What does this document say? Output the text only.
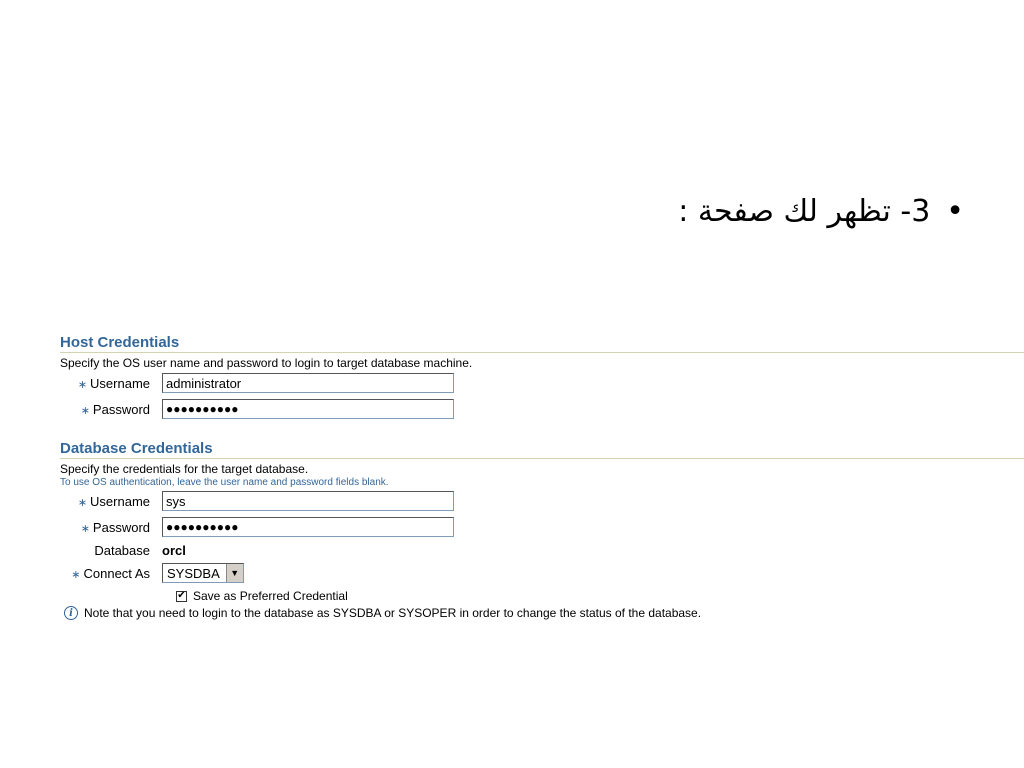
•3- تظهر لك صفحة :
Host Credentials
Specify the OS user name and password to login to target database machine.
∗ Username	administrator
∗ Password	●●●●●●●●●●
Database Credentials
Specify the credentials for the target database.
To use OS authentication, leave the user name and password fields blank.
∗ Username	sys
∗ Password	●●●●●●●●●●
Database orcl
∗ Connect As	SYSDBA	▼
✔ Save as Preferred Credential
i Note that you need to login to the database as SYSDBA or SYSOPER in order to change the status of the database.
